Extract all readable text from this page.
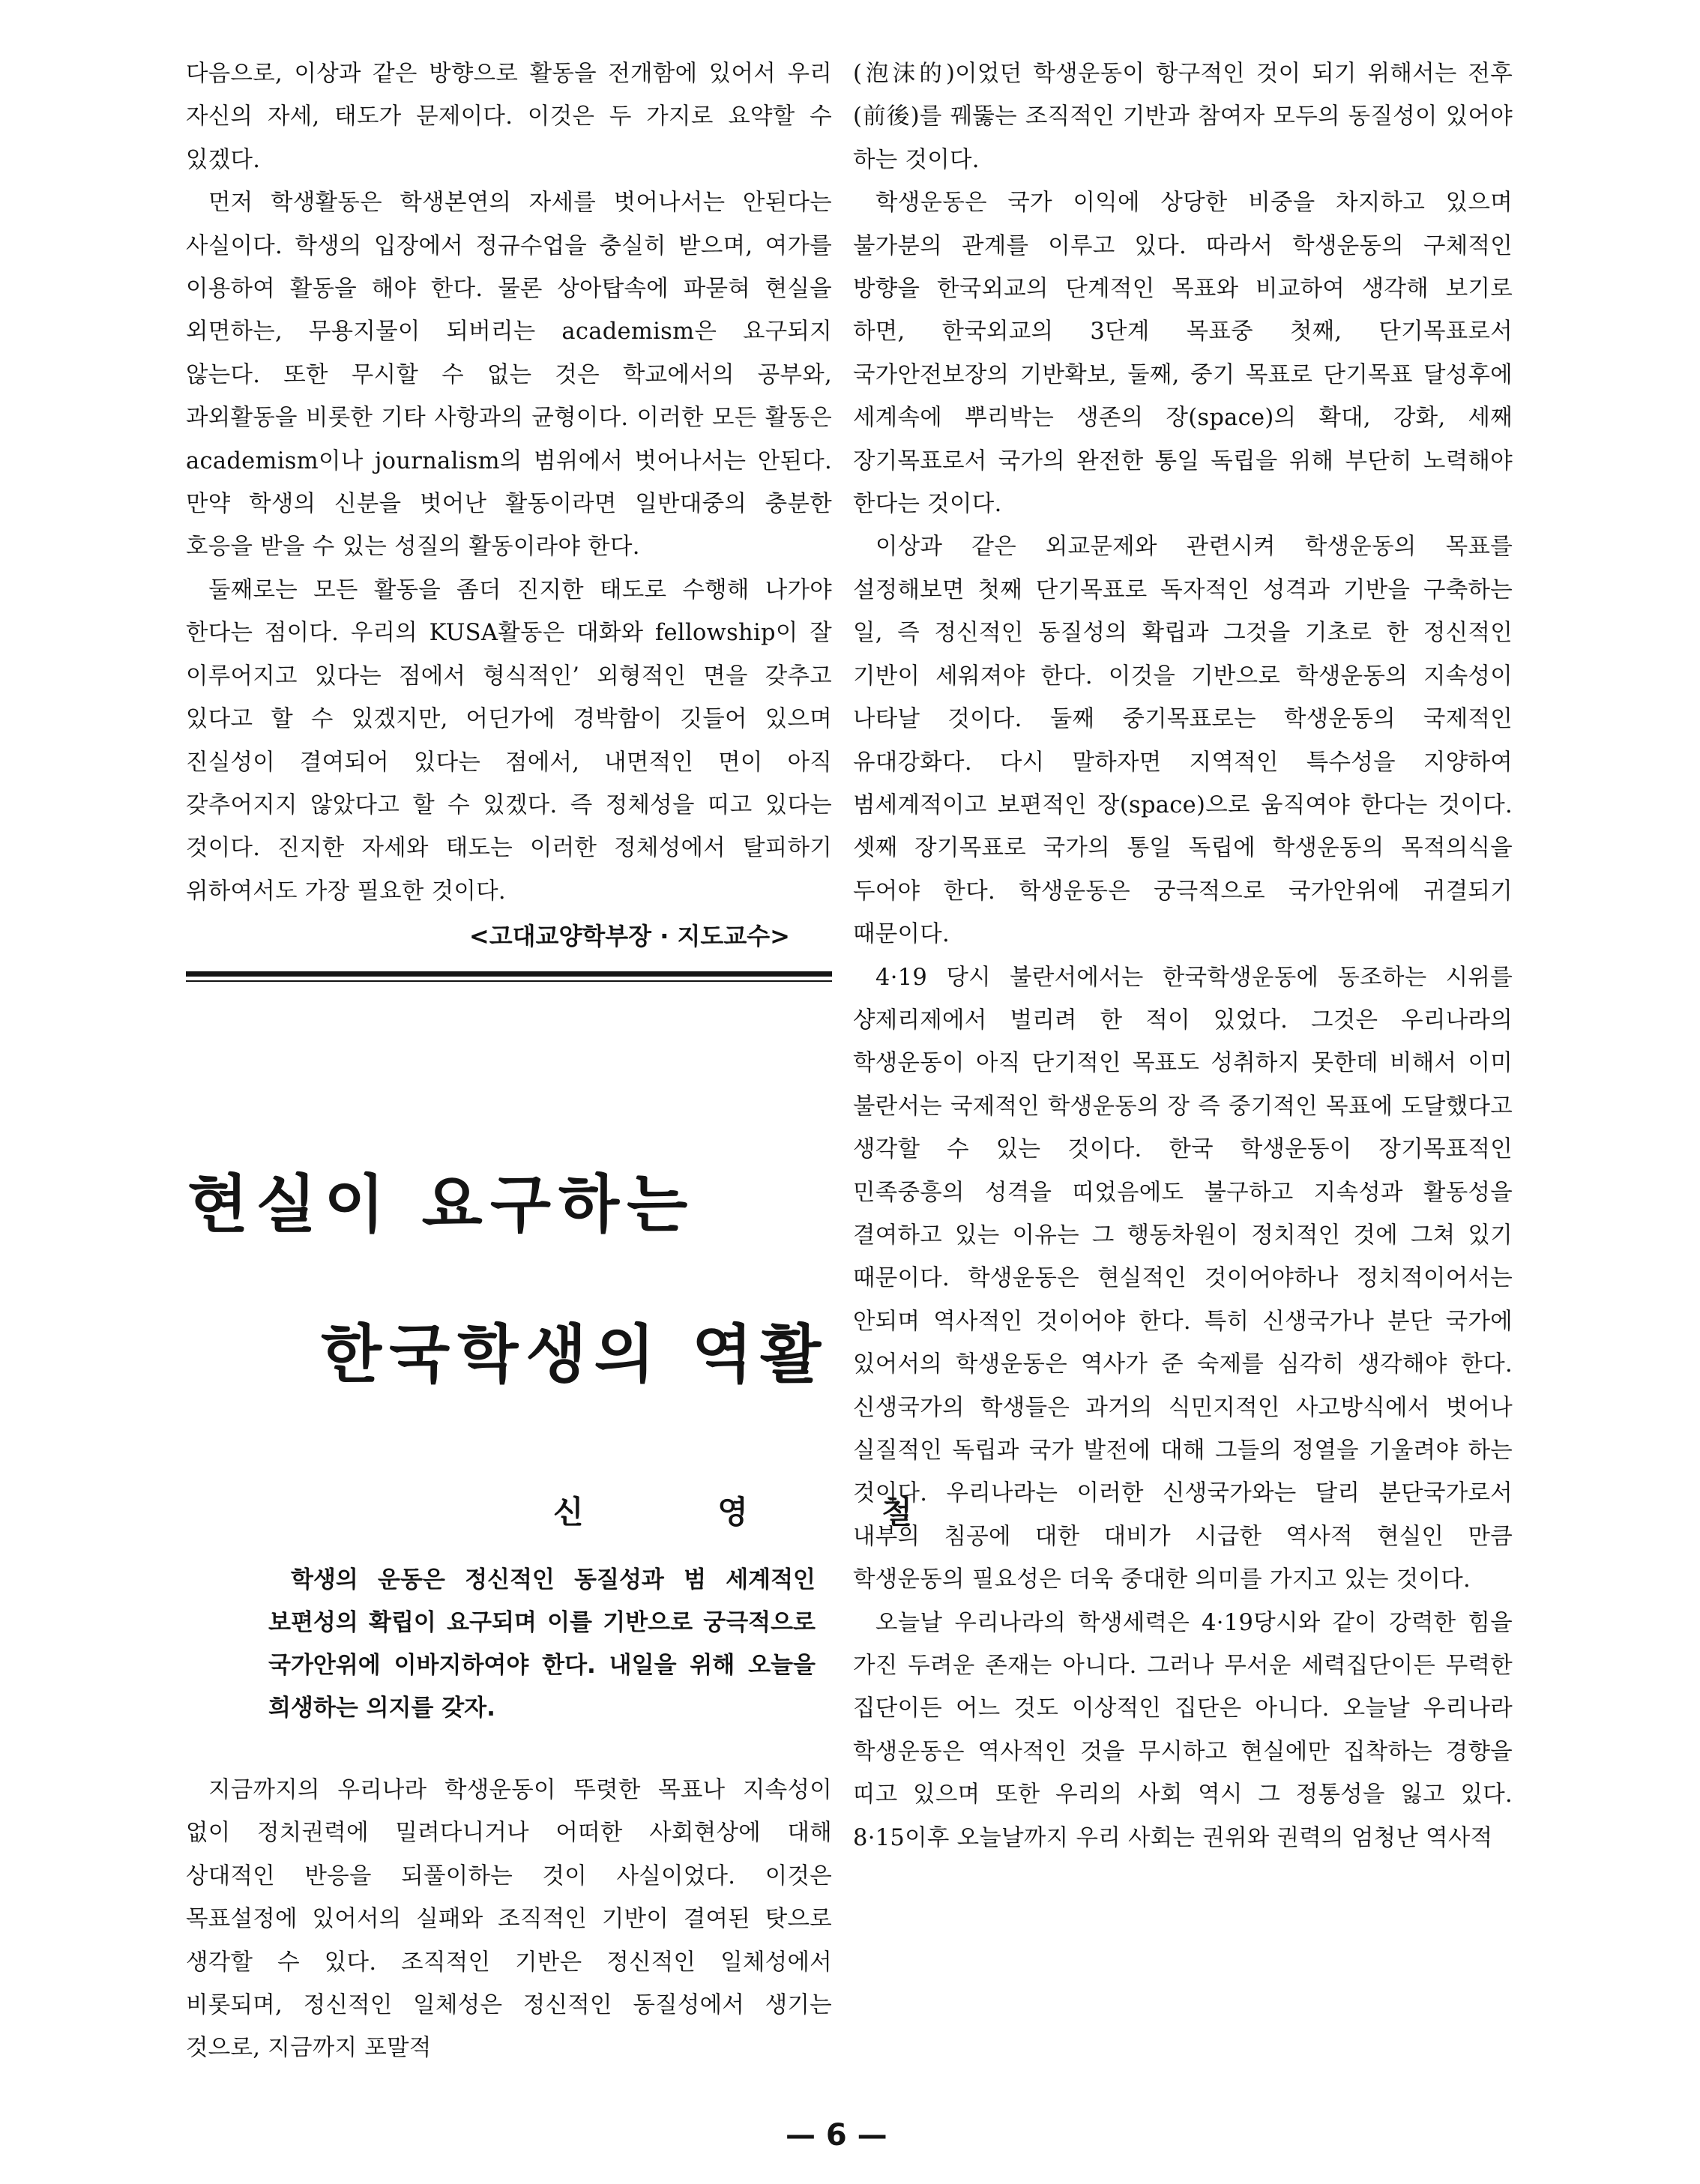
다음으로, 이상과 같은 방향으로 활동을 전개함에 있어서 우리 자신의 자세, 태도가 문제이다. 이것은 두 가지로 요약할 수 있겠다.

먼저 학생활동은 학생본연의 자세를 벗어나서는 안된다는 사실이다. 학생의 입장에서 정규수업을 충실히 받으며, 여가를 이용하여 활동을 해야 한다. 물론 상아탑속에 파묻혀 현실을 외면하는, 무용지물이 되버리는 academism은 요구되지 않는다. 또한 무시할 수 없는 것은 학교에서의 공부와, 과외활동을 비롯한 기타 사항과의 균형이다. 이러한 모든 활동은 academism이나 journalism의 범위에서 벗어나서는 안된다. 만약 학생의 신분을 벗어난 활동이라면 일반대중의 충분한 호응을 받을 수 있는 성질의 활동이라야 한다.

둘째로는 모든 활동을 좀더 진지한 태도로 수행해 나가야 한다는 점이다. 우리의 KUSA활동은 대화와 fellowship이 잘 이루어지고 있다는 점에서 형식적인’ 외형적인 면을 갖추고 있다고 할 수 있겠지만, 어딘가에 경박함이 깃들어 있으며 진실성이 결여되어 있다는 점에서, 내면적인 면이 아직 갖추어지지 않았다고 할 수 있겠다. 즉 정체성을 띠고 있다는 것이다. 진지한 자세와 태도는 이러한 정체성에서 탈피하기 위하여서도 가장 필요한 것이다.

<고대교양학부장 · 지도교수>
현실이 요구하는
한국학생의 역활
신 영 철

학생의 운동은 정신적인 동질성과 범 세계적인 보편성의 확립이 요구되며 이를 기반으로 궁극적으로 국가안위에 이바지하여야 한다. 내일을 위해 오늘을 희생하는 의지를 갖자.

지금까지의 우리나라 학생운동이 뚜렷한 목표나 지속성이 없이 정치권력에 밀려다니거나 어떠한 사회현상에 대해 상대적인 반응을 되풀이하는 것이 사실이었다. 이것은 목표설정에 있어서의 실패와 조직적인 기반이 결여된 탓으로 생각할 수 있다. 조직적인 기반은 정신적인 일체성에서 비롯되며, 정신적인 일체성은 정신적인 동질성에서 생기는 것으로, 지금까지 포말적

(泡沫的)이었던 학생운동이 항구적인 것이 되기 위해서는 전후(前後)를 꿰뚫는 조직적인 기반과 참여자 모두의 동질성이 있어야 하는 것이다.

학생운동은 국가 이익에 상당한 비중을 차지하고 있으며 불가분의 관계를 이루고 있다. 따라서 학생운동의 구체적인 방향을 한국외교의 단계적인 목표와 비교하여 생각해 보기로 하면, 한국외교의 3단계 목표중 첫째, 단기목표로서 국가안전보장의 기반확보, 둘째, 중기 목표로 단기목표 달성후에 세계속에 뿌리박는 생존의 장(space)의 확대, 강화, 세째 장기목표로서 국가의 완전한 통일 독립을 위해 부단히 노력해야 한다는 것이다.

이상과 같은 외교문제와 관련시켜 학생운동의 목표를 설정해보면 첫째 단기목표로 독자적인 성격과 기반을 구축하는 일, 즉 정신적인 동질성의 확립과 그것을 기초로 한 정신적인 기반이 세워져야 한다. 이것을 기반으로 학생운동의 지속성이 나타날 것이다. 둘째 중기목표로는 학생운동의 국제적인 유대강화다. 다시 말하자면 지역적인 특수성을 지양하여 범세계적이고 보편적인 장(space)으로 움직여야 한다는 것이다. 셋째 장기목표로 국가의 통일 독립에 학생운동의 목적의식을 두어야 한다. 학생운동은 궁극적으로 국가안위에 귀결되기 때문이다.

4·19 당시 불란서에서는 한국학생운동에 동조하는 시위를 샹제리제에서 벌리려 한 적이 있었다. 그것은 우리나라의 학생운동이 아직 단기적인 목표도 성취하지 못한데 비해서 이미 불란서는 국제적인 학생운동의 장 즉 중기적인 목표에 도달했다고 생각할 수 있는 것이다. 한국 학생운동이 장기목표적인 민족중흥의 성격을 띠었음에도 불구하고 지속성과 활동성을 결여하고 있는 이유는 그 행동차원이 정치적인 것에 그쳐 있기 때문이다. 학생운동은 현실적인 것이어야하나 정치적이어서는 안되며 역사적인 것이어야 한다. 특히 신생국가나 분단 국가에 있어서의 학생운동은 역사가 준 숙제를 심각히 생각해야 한다. 신생국가의 학생들은 과거의 식민지적인 사고방식에서 벗어나 실질적인 독립과 국가 발전에 대해 그들의 정열을 기울려야 하는 것이다. 우리나라는 이러한 신생국가와는 달리 분단국가로서 내부의 침공에 대한 대비가 시급한 역사적 현실인 만큼 학생운동의 필요성은 더욱 중대한 의미를 가지고 있는 것이다.

오늘날 우리나라의 학생세력은 4·19당시와 같이 강력한 힘을 가진 두려운 존재는 아니다. 그러나 무서운 세력집단이든 무력한 집단이든 어느 것도 이상적인 집단은 아니다. 오늘날 우리나라 학생운동은 역사적인 것을 무시하고 현실에만 집착하는 경향을 띠고 있으며 또한 우리의 사회 역시 그 정통성을 잃고 있다. 8·15이후 오늘날까지 우리 사회는 권위와 권력의 엄청난 역사적

— 6 —
